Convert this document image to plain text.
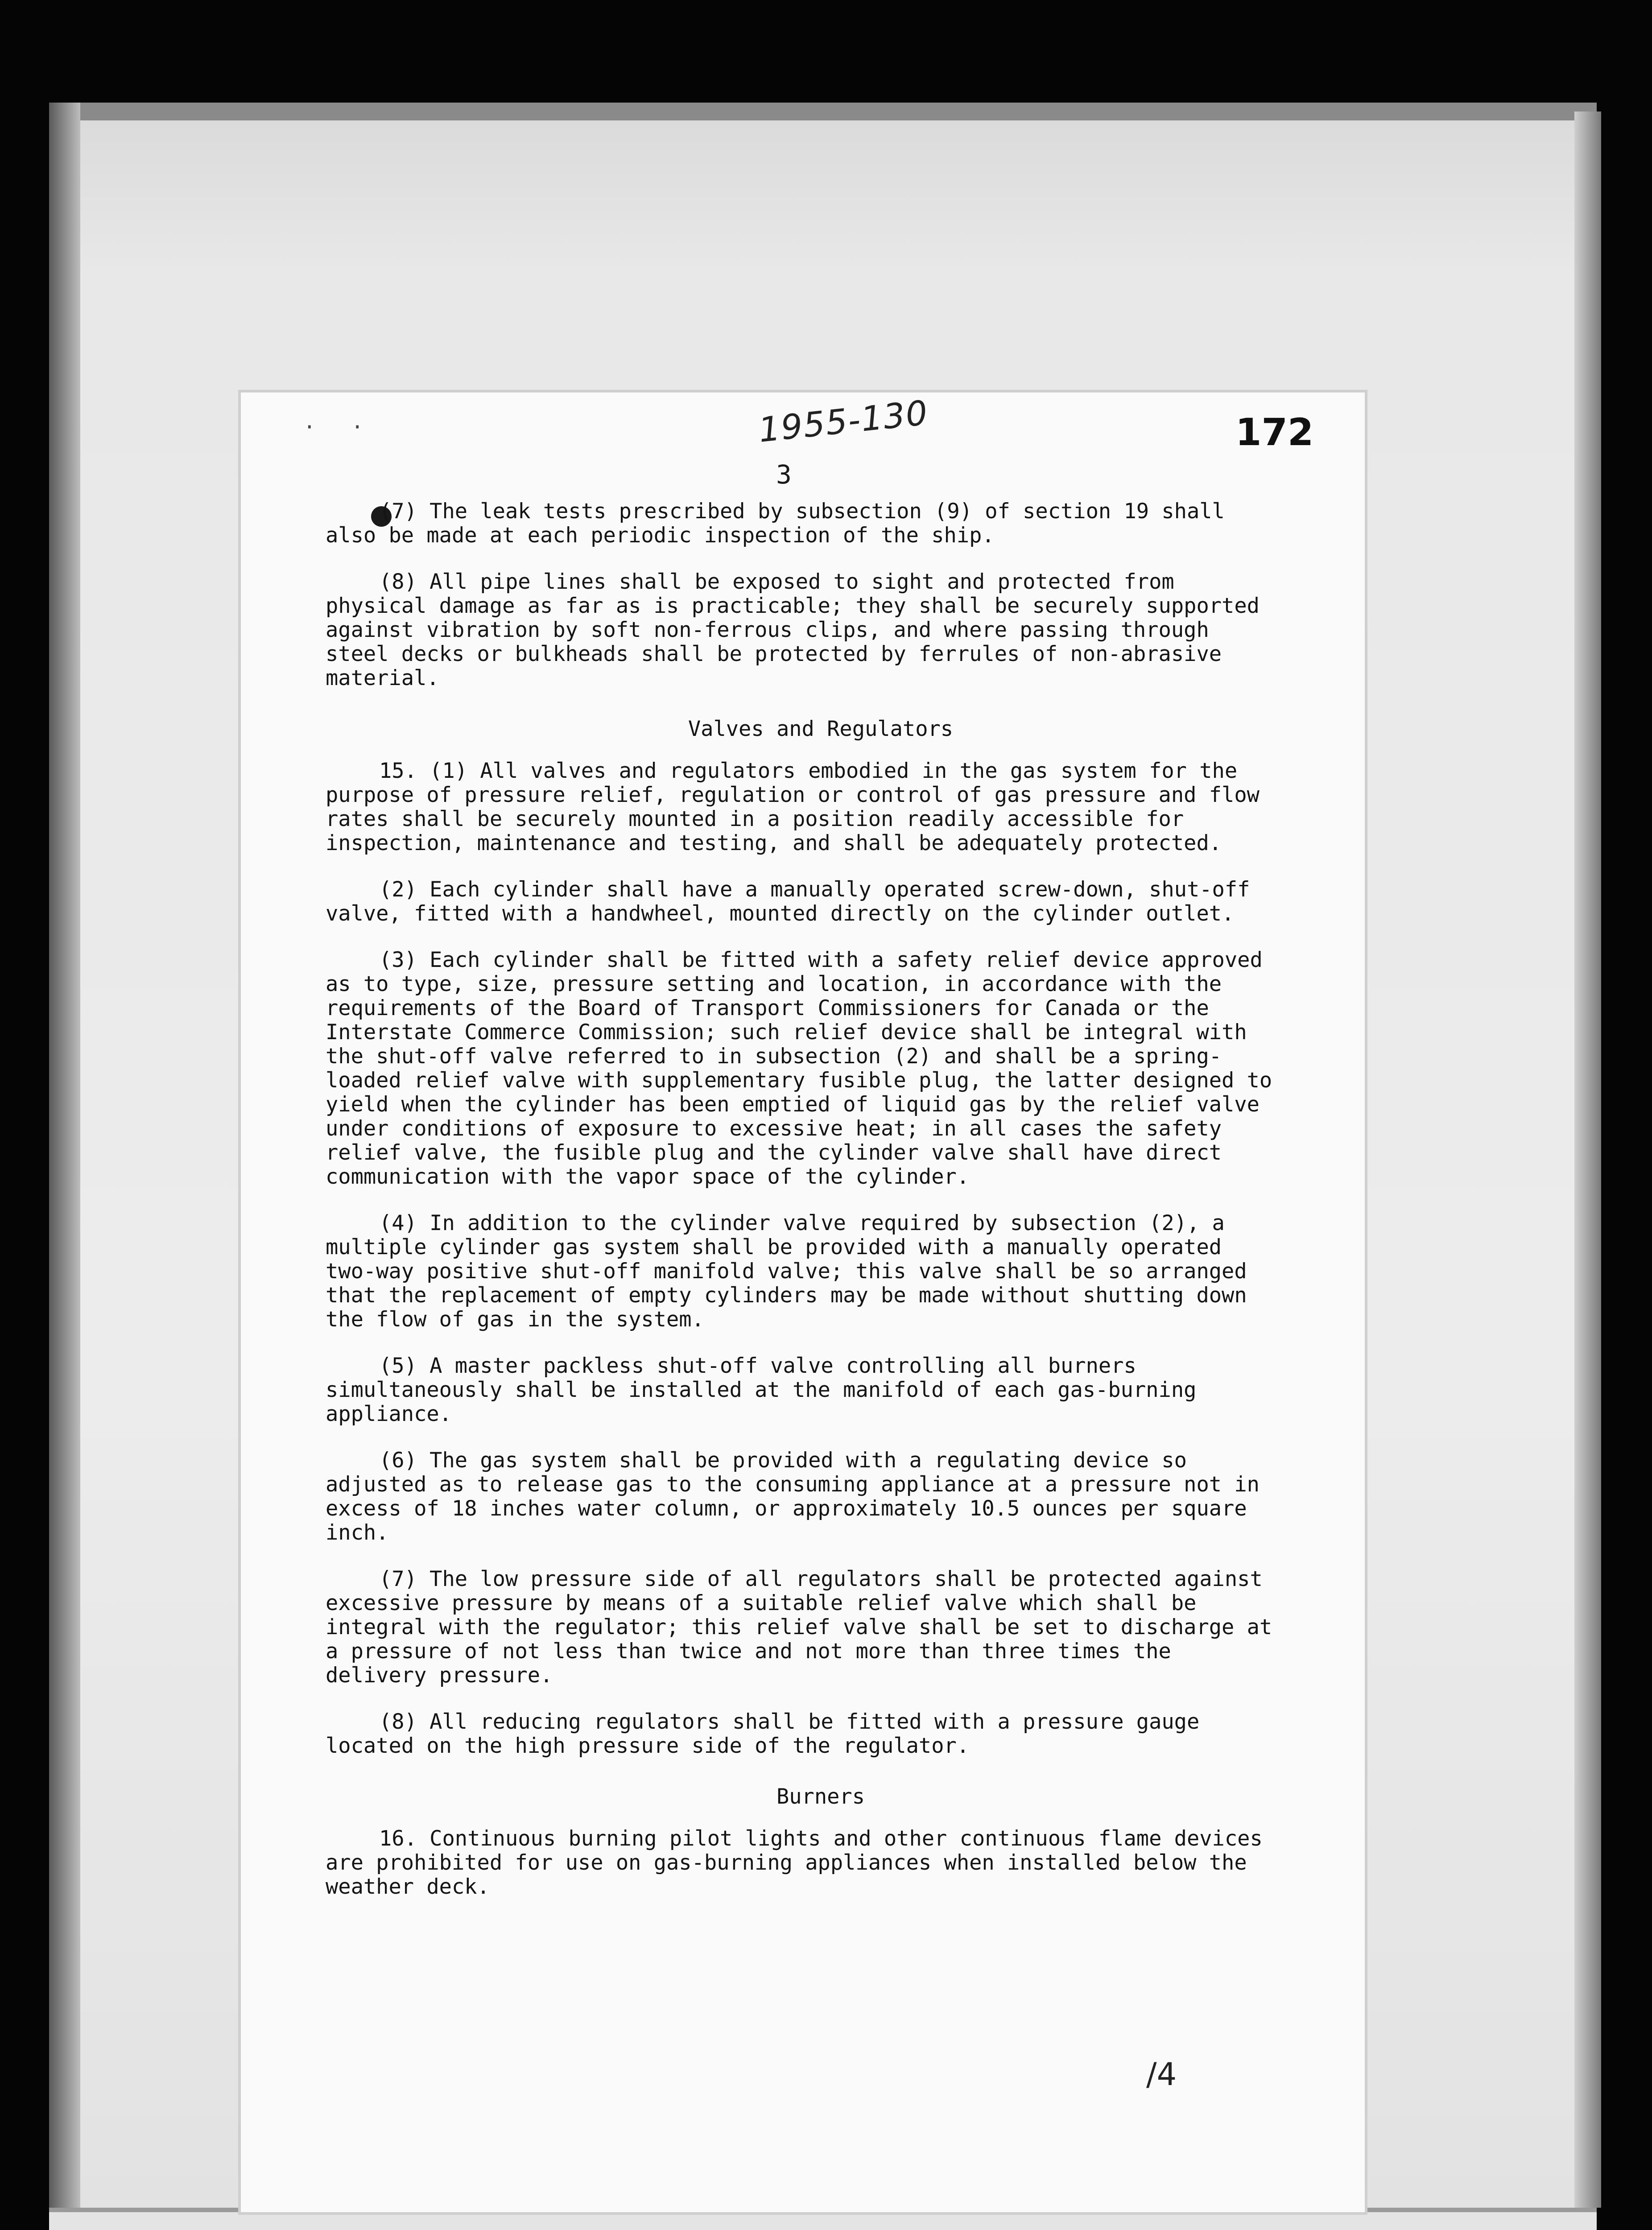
· ·	1955-130	172
3

(7) The leak tests prescribed by subsection (9) of section 19 shall also be made at each periodic inspection of the ship.

(8) All pipe lines shall be exposed to sight and protected from physical damage as far as is practicable; they shall be securely supported against vibration by soft non-ferrous clips, and where passing through steel decks or bulkheads shall be protected by ferrules of non-abrasive material.

Valves and Regulators

15. (1) All valves and regulators embodied in the gas system for the purpose of pressure relief, regulation or control of gas pressure and flow rates shall be securely mounted in a position readily accessible for inspection, maintenance and testing, and shall be adequately protected.

(2) Each cylinder shall have a manually operated screw-down, shut-off valve, fitted with a handwheel, mounted directly on the cylinder outlet.

(3) Each cylinder shall be fitted with a safety relief device approved as to type, size, pressure setting and location, in accordance with the requirements of the Board of Transport Commissioners for Canada or the Interstate Commerce Commission; such relief device shall be integral with the shut-off valve referred to in subsection (2) and shall be a spring-loaded relief valve with supplementary fusible plug, the latter designed to yield when the cylinder has been emptied of liquid gas by the relief valve under conditions of exposure to excessive heat; in all cases the safety relief valve, the fusible plug and the cylinder valve shall have direct communication with the vapor space of the cylinder.

(4) In addition to the cylinder valve required by subsection (2), a multiple cylinder gas system shall be provided with a manually operated two-way positive shut-off manifold valve; this valve shall be so arranged that the replacement of empty cylinders may be made without shutting down the flow of gas in the system.

(5) A master packless shut-off valve controlling all burners simultaneously shall be installed at the manifold of each gas-burning appliance.

(6) The gas system shall be provided with a regulating device so adjusted as to release gas to the consuming appliance at a pressure not in excess of 18 inches water column, or approximately 10.5 ounces per square inch.

(7) The low pressure side of all regulators shall be protected against excessive pressure by means of a suitable relief valve which shall be integral with the regulator; this relief valve shall be set to discharge at a pressure of not less than twice and not more than three times the delivery pressure.

(8) All reducing regulators shall be fitted with a pressure gauge located on the high pressure side of the regulator.

Burners

16. Continuous burning pilot lights and other continuous flame devices are prohibited for use on gas-burning appliances when installed below the weather deck.

/4
